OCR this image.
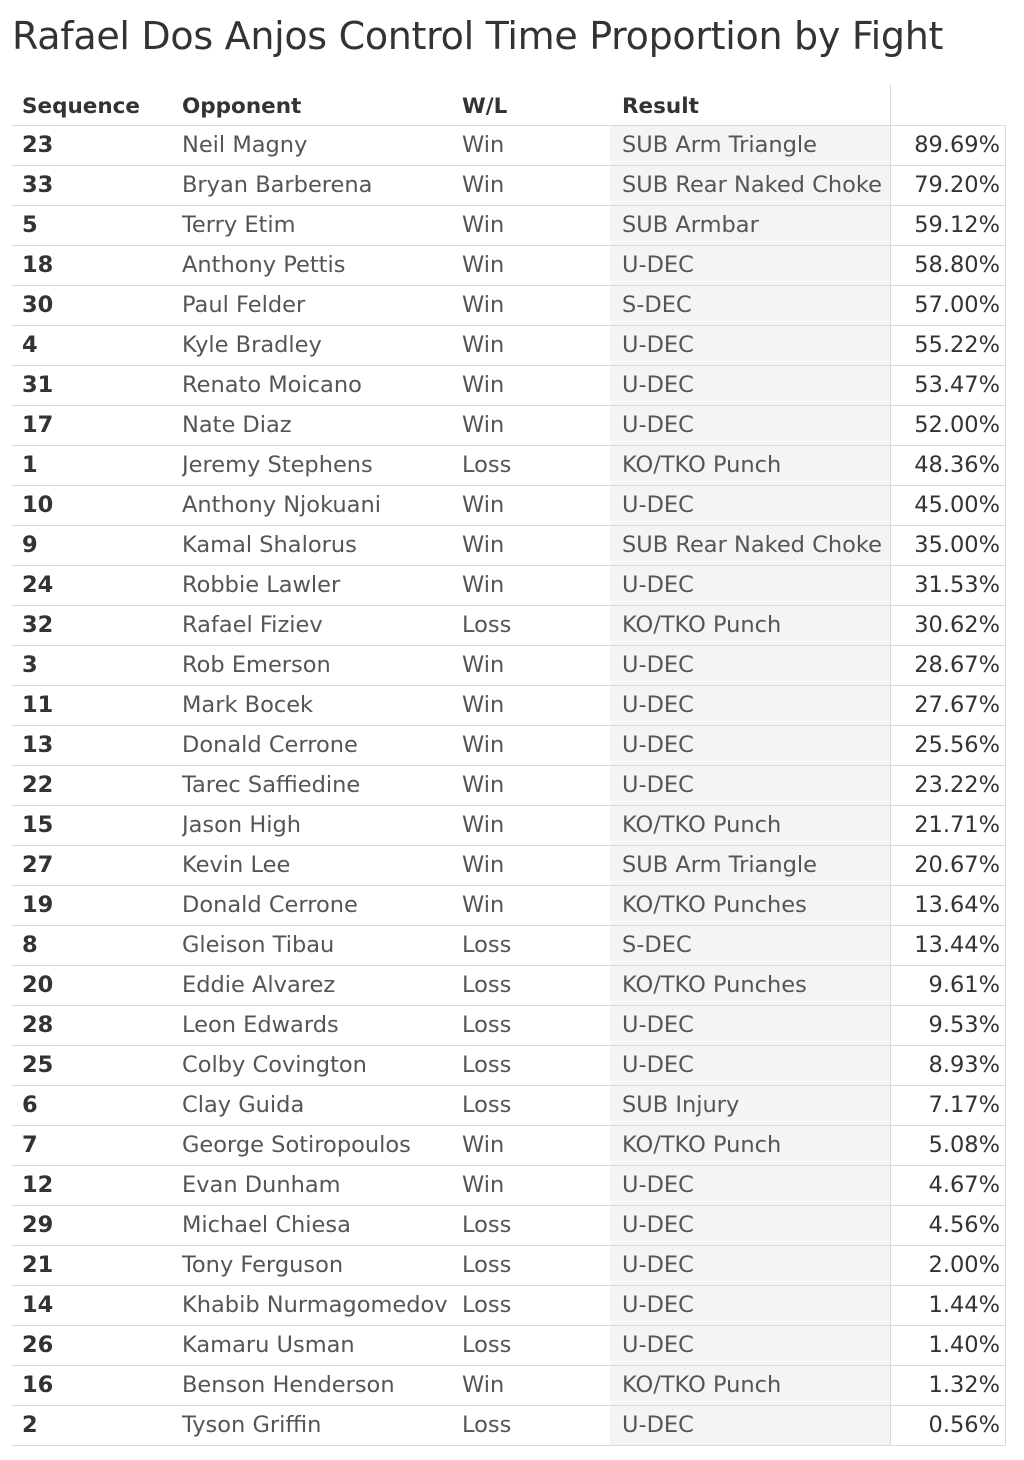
Rafael Dos Anjos Control Time Proportion by Fight
Sequence	Opponent	W/L	Result
23	Neil Magny	Win	SUB Arm Triangle	89.69%
33	Bryan Barberena	Win	SUB Rear Naked Choke	79.20%
5	Terry Etim	Win	SUB Armbar	59.12%
18	Anthony Pettis	Win	U-DEC	58.80%
30	Paul Felder	Win	S-DEC	57.00%
4	Kyle Bradley	Win	U-DEC	55.22%
31	Renato Moicano	Win	U-DEC	53.47%
17	Nate Diaz	Win	U-DEC	52.00%
1	Jeremy Stephens	Loss	KO/TKO Punch	48.36%
10	Anthony Njokuani	Win	U-DEC	45.00%
9	Kamal Shalorus	Win	SUB Rear Naked Choke	35.00%
24	Robbie Lawler	Win	U-DEC	31.53%
32	Rafael Fiziev	Loss	KO/TKO Punch	30.62%
3	Rob Emerson	Win	U-DEC	28.67%
11	Mark Bocek	Win	U-DEC	27.67%
13	Donald Cerrone	Win	U-DEC	25.56%
22	Tarec Saffiedine	Win	U-DEC	23.22%
15	Jason High	Win	KO/TKO Punch	21.71%
27	Kevin Lee	Win	SUB Arm Triangle	20.67%
19	Donald Cerrone	Win	KO/TKO Punches	13.64%
8	Gleison Tibau	Loss	S-DEC	13.44%
20	Eddie Alvarez	Loss	KO/TKO Punches	9.61%
28	Leon Edwards	Loss	U-DEC	9.53%
25	Colby Covington	Loss	U-DEC	8.93%
6	Clay Guida	Loss	SUB Injury	7.17%
7	George Sotiropoulos	Win	KO/TKO Punch	5.08%
12	Evan Dunham	Win	U-DEC	4.67%
29	Michael Chiesa	Loss	U-DEC	4.56%
21	Tony Ferguson	Loss	U-DEC	2.00%
14	Khabib Nurmagomedov Loss	U-DEC	1.44%
26	Kamaru Usman	Loss	U-DEC	1.40%
16	Benson Henderson	Win	KO/TKO Punch	1.32%
2	Tyson Griffin	Loss	U-DEC	0.56%
